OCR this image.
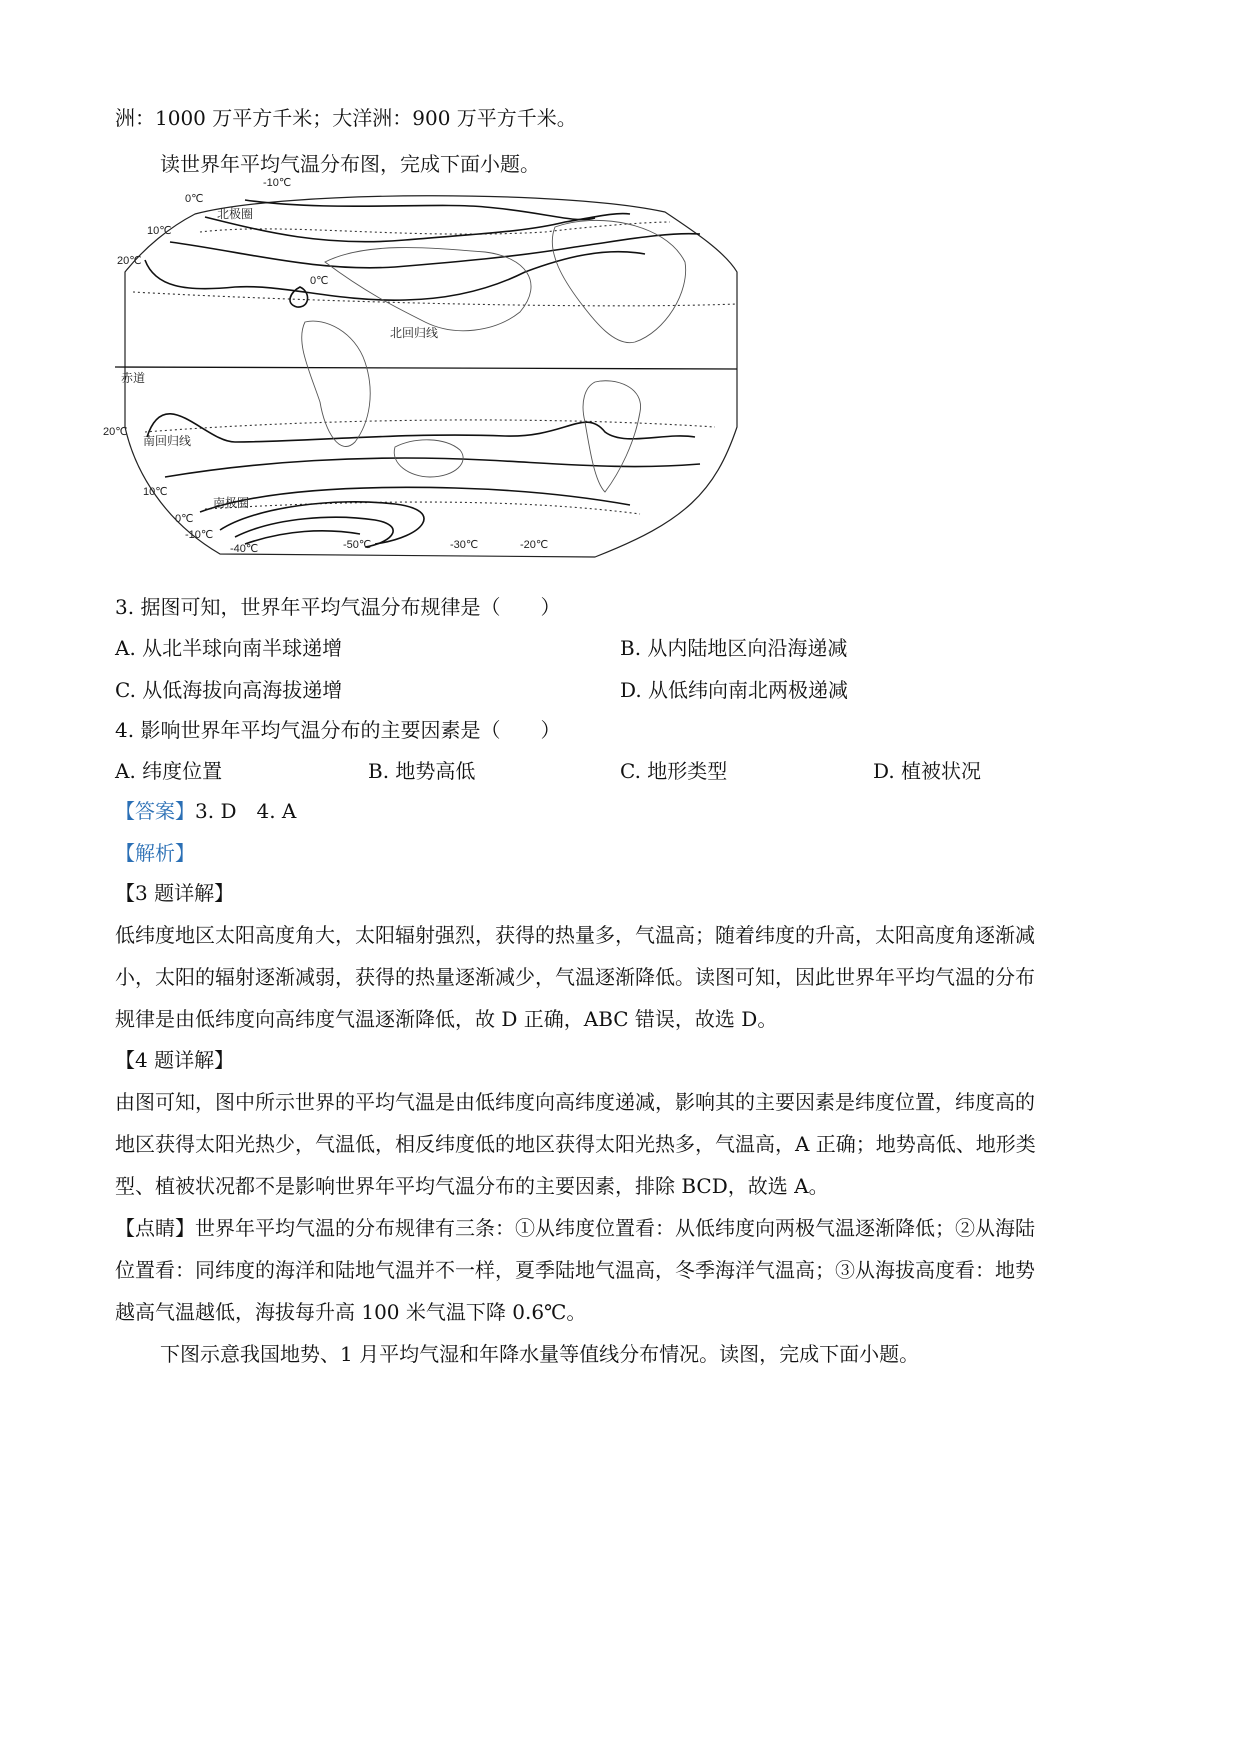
洲：1000 万平方千米；大洋洲：900 万平方千米。
读世界年平均气温分布图，完成下面小题。
-10℃
0℃
北极圈
10℃
20℃
0℃
北回归线
赤道
20℃
南回归线
10℃
南极圈
0℃
-10℃
-40℃	-50℃	-30℃	-20℃
3. 据图可知，世界年平均气温分布规律是（　　）
A. 从北半球向南半球递增	B. 从内陆地区向沿海递减
C. 从低海拔向高海拔递增	D. 从低纬向南北两极递减
4. 影响世界年平均气温分布的主要因素是（　　）
A. 纬度位置	B. 地势高低	C. 地形类型	D. 植被状况
【答案】3. D　4. A
【解析】
【3 题详解】
低纬度地区太阳高度角大，太阳辐射强烈，获得的热量多，气温高；随着纬度的升高，太阳高度角逐渐减
小，太阳的辐射逐渐减弱，获得的热量逐渐减少，气温逐渐降低。读图可知，因此世界年平均气温的分布
规律是由低纬度向高纬度气温逐渐降低，故 D 正确，ABC 错误，故选 D。
【4 题详解】
由图可知，图中所示世界的平均气温是由低纬度向高纬度递减，影响其的主要因素是纬度位置，纬度高的
地区获得太阳光热少，气温低，相反纬度低的地区获得太阳光热多，气温高，A 正确；地势高低、地形类
型、植被状况都不是影响世界年平均气温分布的主要因素，排除 BCD，故选 A。
【点睛】世界年平均气温的分布规律有三条：①从纬度位置看：从低纬度向两极气温逐渐降低；②从海陆
位置看：同纬度的海洋和陆地气温并不一样，夏季陆地气温高，冬季海洋气温高；③从海拔高度看：地势
越高气温越低，海拔每升高 100 米气温下降 0.6℃。
下图示意我国地势、1 月平均气湿和年降水量等值线分布情况。读图，完成下面小题。
